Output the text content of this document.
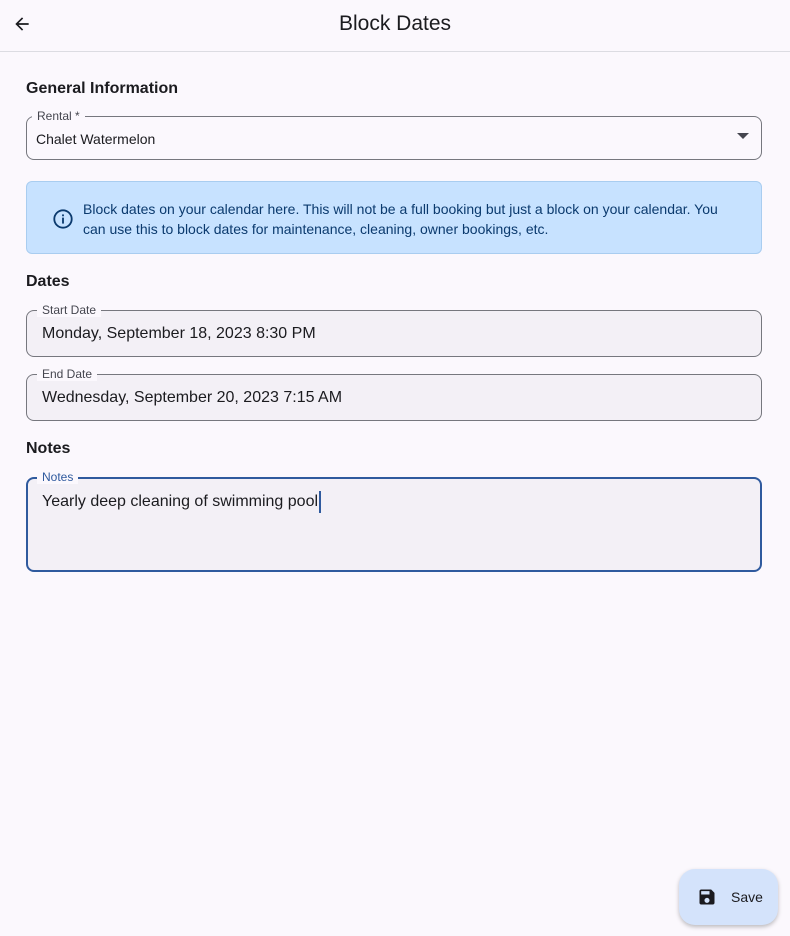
Block Dates
General Information
Rental *
Chalet Watermelon
Block dates on your calendar here. This will not be a full booking but just a block on your calendar. You can use this to block dates for maintenance, cleaning, owner bookings, etc.
Dates
Start Date
Monday, September 18, 2023 8:30 PM
End Date
Wednesday, September 20, 2023 7:15 AM
Notes
Notes
Yearly deep cleaning of swimming pool
Save
